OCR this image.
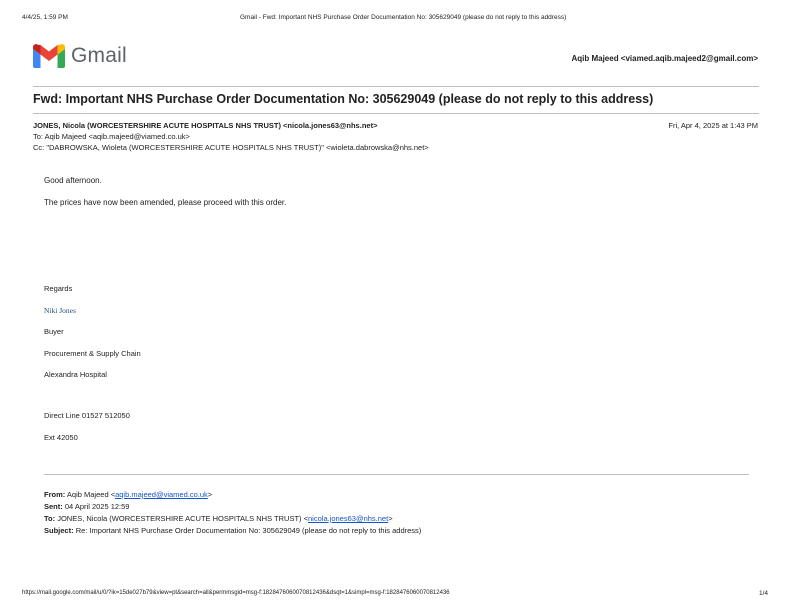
4/4/25, 1:59 PM	Gmail - Fwd: Important NHS Purchase Order Documentation No: 305629049 (please do not reply to this address)
Gmail	Aqib Majeed <viamed.aqib.majeed2@gmail.com>
Fwd: Important NHS Purchase Order Documentation No: 305629049 (please do not reply to this address)
JONES, Nicola (WORCESTERSHIRE ACUTE HOSPITALS NHS TRUST) <nicola.jones63@nhs.net>	Fri, Apr 4, 2025 at 1:43 PM
To: Aqib Majeed <aqib.majeed@viamed.co.uk>
Cc: "DABROWSKA, Wioleta (WORCESTERSHIRE ACUTE HOSPITALS NHS TRUST)" <wioleta.dabrowska@nhs.net>
Good afternoon.
The prices have now been amended, please proceed with this order.
Regards
Niki Jones
Buyer
Procurement & Supply Chain
Alexandra Hospital
Direct Line 01527 512050
Ext 42050
From: Aqib Majeed <aqib.majeed@viamed.co.uk>
Sent: 04 April 2025 12:59
To: JONES, Nicola (WORCESTERSHIRE ACUTE HOSPITALS NHS TRUST) <nicola.jones63@nhs.net>
Subject: Re: Important NHS Purchase Order Documentation No: 305629049 (please do not reply to this address)
https://mail.google.com/mail/u/0/?ik=15de027b79&view=pt&search=all&permmsgid=msg-f:1828476060070812436&dsqt=1&simpl=msg-f:1828476060070812436	1/4
